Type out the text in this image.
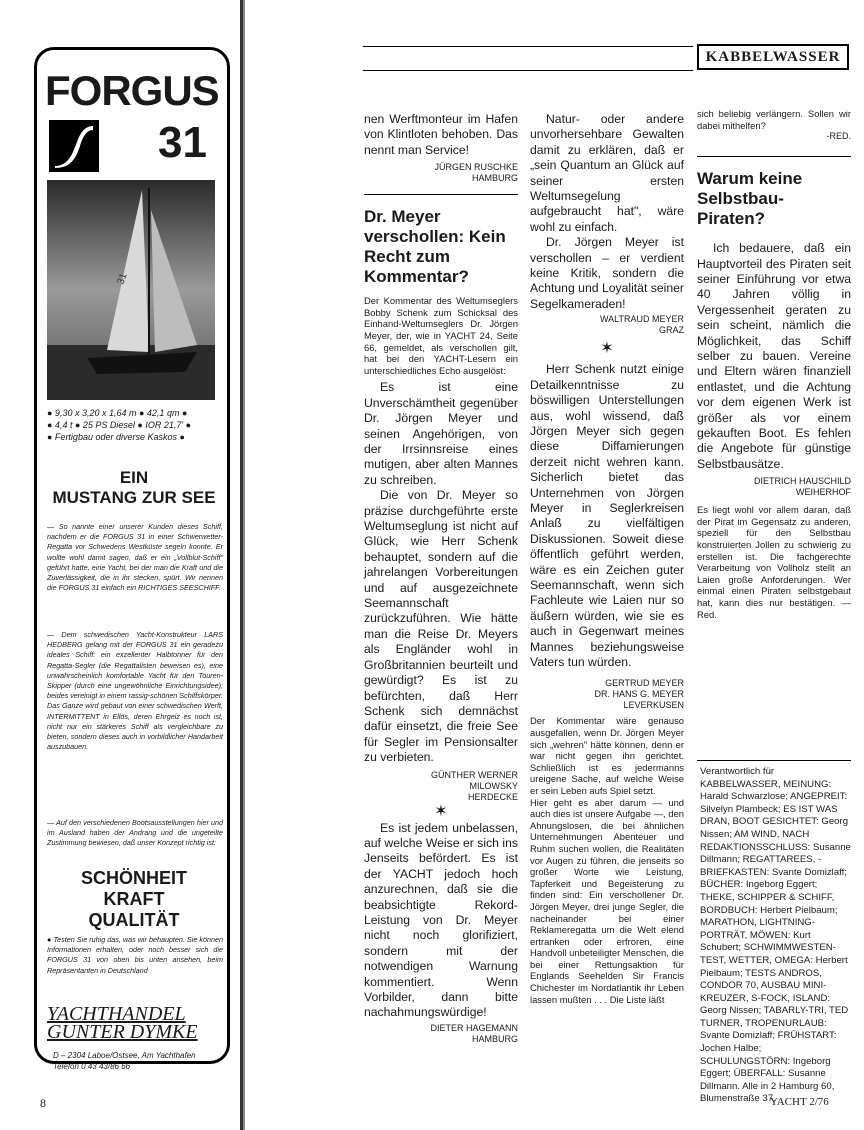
FORGUS
31
31
● 9,30 x 3,20 x 1,64 m ● 42,1 qm ●
● 4,4 t ● 25 PS Diesel ● IOR 21,7' ●
● Fertigbau oder diverse Kaskos ●
EIN
MUSTANG ZUR SEE
— So nannte einer unserer Kunden dieses Schiff, nachdem er die FORGUS 31 in einer Schwerwetter-Regatta vor Schwedens Westküste segeln konnte. Er wollte wohl damit sagen, daß er ein „Vollblut-Schiff" geführt hatte, eine Yacht, bei der man die Kraft und die Zuverlässigkeit, die in ihr stecken, spürt. Wir nennen die FORGUS 31 einfach ein RICHTIGES SEESCHIFF.
— Dem schwedischen Yacht-Konstrukteur LARS HEDBERG gelang mit der FORGUS 31 ein geradezu ideales Schiff: ein exzellenter Halbtonner für den Regatta-Segler (die Regattalisten beweisen es), eine unwahrscheinlich komfortable Yacht für den Touren-Skipper (durch eine ungewöhnliche Einrichtungsidee); beides vereinigt in einem rassig-schönen Schiffskörper. Das Ganze wird gebaut von einer schwedischen Werft, INTERMITTENT in Ellös, deren Ehrgeiz es noch ist, nicht nur ein stärkeres Schiff als vergleichbare zu bieten, sondern dieses auch in vorbildlicher Handarbeit auszubauen.
— Auf den verschiedenen Bootsausstellungen hier und im Ausland haben der Andrang und die ungeteilte Zustimmung bewiesen, daß unser Konzept richtig ist:
SCHÖNHEIT
KRAFT
QUALITÄT
● Testen Sie ruhig das, was wir behaupten. Sie können Informationen erhalten, oder noch besser sich die FORGUS 31 von oben bis unten ansehen, beim Repräsentanten in Deutschland
YACHTHANDEL
GÜNTER DYMKE
D – 2304 Laboe/Ostsee, Am Yachthafen
Telefon 0 43 43/86 66
KABBELWASSER

nen Werftmonteur im Hafen von Klintloten behoben. Das nennt man Service!

JÜRGEN RUSCHKE
HAMBURG

Dr. Meyer verschollen: Kein Recht zum Kommentar?

Der Kommentar des Weltumseglers Bobby Schenk zum Schicksal des Einhand-Weltumseglers Dr. Jörgen Meyer, der, wie in YACHT 24, Seite 66, gemeldet, als verschollen gilt, hat bei den YACHT-Lesern ein unterschiedliches Echo ausgelöst:

Es ist eine Unverschämtheit gegenüber Dr. Jörgen Meyer und seinen Angehörigen, von der Irrsinnsreise eines mutigen, aber alten Mannes zu schreiben.

Die von Dr. Meyer so präzise durchgeführte erste Weltumseglung ist nicht auf Glück, wie Herr Schenk behauptet, sondern auf die jahrelangen Vorbereitungen und auf ausgezeichnete Seemannschaft zurückzuführen. Wie hätte man die Reise Dr. Meyers als Engländer wohl in Großbritannien beurteilt und gewürdigt? Es ist zu befürchten, daß Herr Schenk sich demnächst dafür einsetzt, die freie See für Segler im Pensionsalter zu verbieten.

GÜNTHER WERNER
MILOWSKY
HERDECKE

✶

Es ist jedem unbelassen, auf welche Weise er sich ins Jenseits befördert. Es ist der YACHT jedoch hoch anzurechnen, daß sie die beabsichtigte Rekord-Leistung von Dr. Meyer nicht noch glorifiziert, sondern mit der notwendigen Warnung kommentiert. Wenn Vorbilder, dann bitte nachahmungswürdige!

DIETER HAGEMANN
HAMBURG

Natur- oder andere unvorhersehbare Gewalten damit zu erklären, daß er „sein Quantum an Glück auf seiner ersten Weltumsegelung aufgebraucht hat", wäre wohl zu einfach.

Dr. Jörgen Meyer ist verschollen – er verdient keine Kritik, sondern die Achtung und Loyalität seiner Segelkameraden!

WALTRAUD MEYER
GRAZ

✶

Herr Schenk nutzt einige Detailkenntnisse zu böswilligen Unterstellungen aus, wohl wissend, daß Jörgen Meyer sich gegen diese Diffamierungen derzeit nicht wehren kann. Sicherlich bietet das Unternehmen von Jörgen Meyer in Seglerkreisen Anlaß zu vielfältigen Diskussionen. Soweit diese öffentlich geführt werden, wäre es ein Zeichen guter Seemannschaft, wenn sich Fachleute wie Laien nur so äußern würden, wie sie es auch in Gegenwart meines Mannes beziehungsweise Vaters tun würden.

GERTRUD MEYER
DR. HANS G. MEYER
LEVERKUSEN

Der Kommentar wäre genauso ausgefallen, wenn Dr. Jörgen Meyer sich „wehren" hätte können, denn er war nicht gegen ihn gerichtet. Schließlich ist es jedermanns ureigene Sache, auf welche Weise er sein Leben aufs Spiel setzt.
Hier geht es aber darum — und auch dies ist unsere Aufgabe —, den Ahnungslosen, die bei ähnlichen Unternehmungen Abenteuer und Ruhm suchen wollen, die Realitäten vor Augen zu führen, die jenseits so großer Worte wie Leistung, Tapferkeit und Begeisterung zu finden sind: Ein verschollener Dr. Jörgen Meyer, drei junge Segler, die nacheinander bei einer Reklameregatta um die Welt elend ertranken oder erfroren, eine Handvoll unbeteiligter Menschen, die bei einer Rettungsaktion für Englands Seehelden Sir Francis Chichester im Nordatlantik ihr Leben lassen mußten . . . Die Liste läßt

sich beliebig verlängern. Sollen wir dabei mithelfen?

-RED.

Warum keine Selbstbau-Piraten?

Ich bedauere, daß ein Hauptvorteil des Piraten seit seiner Einführung vor etwa 40 Jahren völlig in Vergessenheit geraten zu sein scheint, nämlich die Möglichkeit, das Schiff selber zu bauen. Vereine und Eltern wären finanziell entlastet, und die Achtung vor dem eigenen Werk ist größer als vor einem gekauften Boot. Es fehlen die Angebote für günstige Selbstbausätze.

DIETRICH HAUSCHILD
WEIHERHOF

Es liegt wohl vor allem daran, daß der Pirat im Gegensatz zu anderen, speziell für den Selbstbau konstruierten Jollen zu schwierig zu erstellen ist. Die fachgerechte Verarbeitung von Vollholz stellt an Laien große Anforderungen. Wer einmal einen Piraten selbstgebaut hat, kann dies nur bestätigen. — Red.

Verantwortlich für KABBELWASSER, MEINUNG: Harald Schwarzlose; ANGEPREIT: Silvelyn Plambeck; ES IST WAS DRAN, BOOT GESICHTET: Georg Nissen; AM WIND, NACH REDAKTIONSSCHLUSS: Susanne Dillmann; REGATTAREES, -BRIEFKASTEN: Svante Domizlaff; BÜCHER: Ingeborg Eggert; THEKE, SCHIPPER & SCHIFF, BORDBUCH: Herbert Pielbaum; MARATHON, LIGHTNING-PORTRÄT, MÖWEN: Kurt Schubert; SCHWIMMWESTEN-TEST, WETTER, OMEGA: Herbert Pielbaum; TESTS ANDROS, CONDOR 70, AUSBAU MINI-KREUZER, S-FOCK, ISLAND: Georg Nissen; TABARLY-TRI, TED TURNER, TROPENURLAUB: Svante Domizlaff; FRÜHSTART: Jochen Halbe; SCHULUNGSTÖRN: Ingeborg Eggert; ÜBERFALL: Susanne Dillmann. Alle in 2 Hamburg 60, Blumenstraße 37.

8	YACHT 2/76
